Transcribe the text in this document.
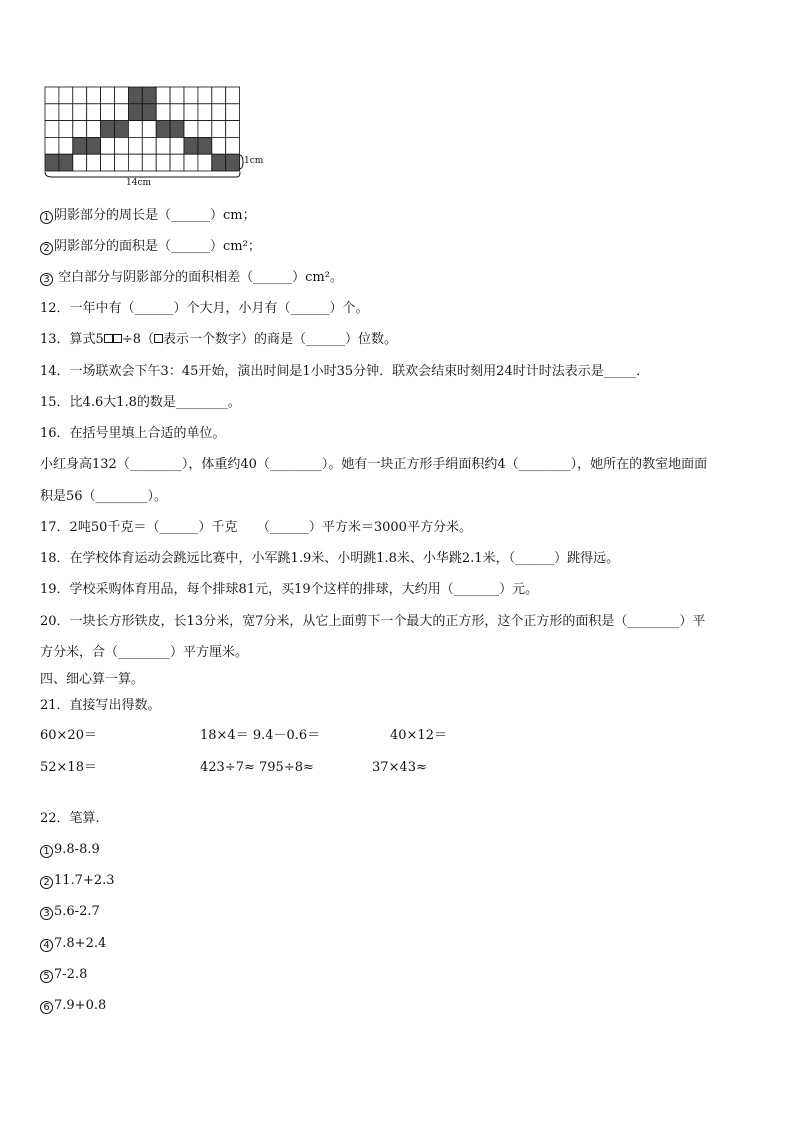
1cm
14cm
1 阴影部分的周长是（______）cm；
2 阴影部分的面积是（______）cm²；
3 空白部分与阴影部分的面积相差（______）cm²。
12．一年中有（______）个大月，小月有（______）个。
13．算式5 ÷8（ 表示一个数字）的商是（______）位数。
14．一场联欢会下午3：45开始，演出时间是1小时35分钟．联欢会结束时刻用24时计时法表示是_____．
15．比4.6大1.8的数是________。
16．在括号里填上合适的单位。
小红身高132（________），体重约40（________）。她有一块正方形手绢面积约4（________），她所在的教室地面面
积是56（________）。
17．2吨50千克＝（______）千克　　（______）平方米＝3000平方分米。
18．在学校体育运动会跳远比赛中，小军跳1.9米、小明跳1.8米、小华跳2.1米，（______）跳得远。
19．学校采购体育用品，每个排球81元，买19个这样的排球，大约用（_______）元。
20．一块长方形铁皮，长13分米，宽7分米，从它上面剪下一个最大的正方形，这个正方形的面积是（________）平
方分米，合（________）平方厘米。
四、细心算一算。
21．直接写出得数。
60×20＝	18×4＝ 9.4－0.6＝	40×12＝
52×18＝	423÷7≈ 795÷8≈	37×43≈
22．笔算.
1 9.8-8.9
2 11.7+2.3
3 5.6-2.7
4 7.8+2.4
5 7-2.8
6 7.9+0.8
